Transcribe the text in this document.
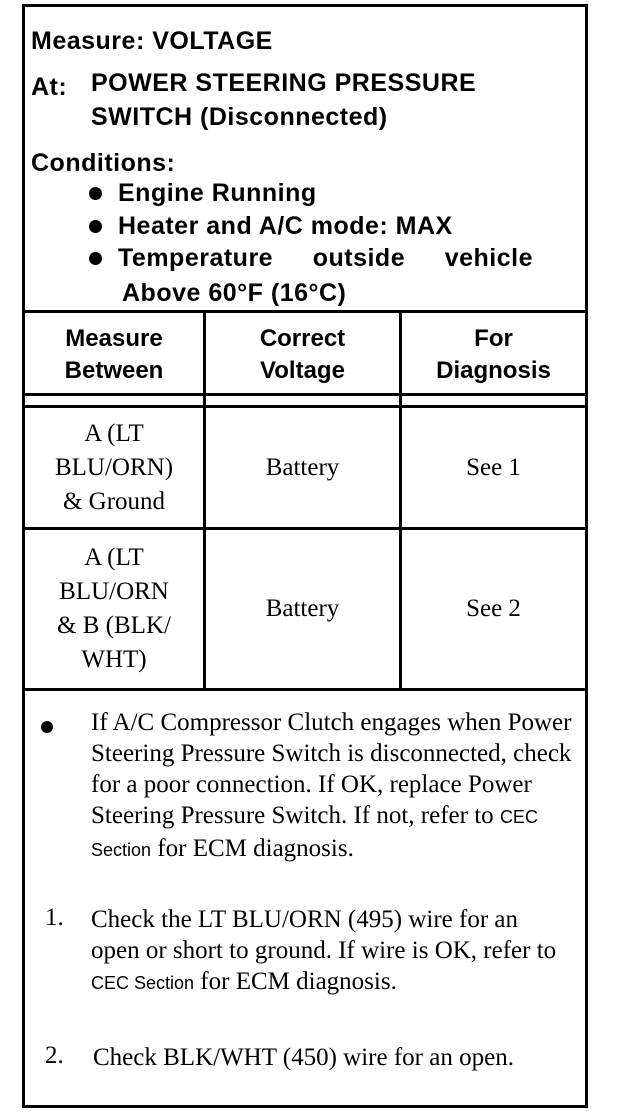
Measure: VOLTAGE
At: POWER STEERING PRESSURE
SWITCH (Disconnected)
Conditions:
Engine Running
Heater and A/C mode: MAX
Temperature outside vehicle
Above 60°F (16°C)
Measure
Between
Correct
Voltage
For
Diagnosis
A (LT
BLU/ORN)
& Ground
Battery	See 1
A (LT
BLU/ORN
& B (BLK/
WHT)
Battery	See 2
If A/C Compressor Clutch engages when Power Steering Pressure Switch is disconnected, check for a poor connection. If OK, replace Power Steering Pressure Switch. If not, refer to CEC Section for ECM diagnosis.
1. Check the LT BLU/ORN (495) wire for an open or short to ground. If wire is OK, refer to CEC Section for ECM diagnosis.
2. Check BLK/WHT (450) wire for an open.
